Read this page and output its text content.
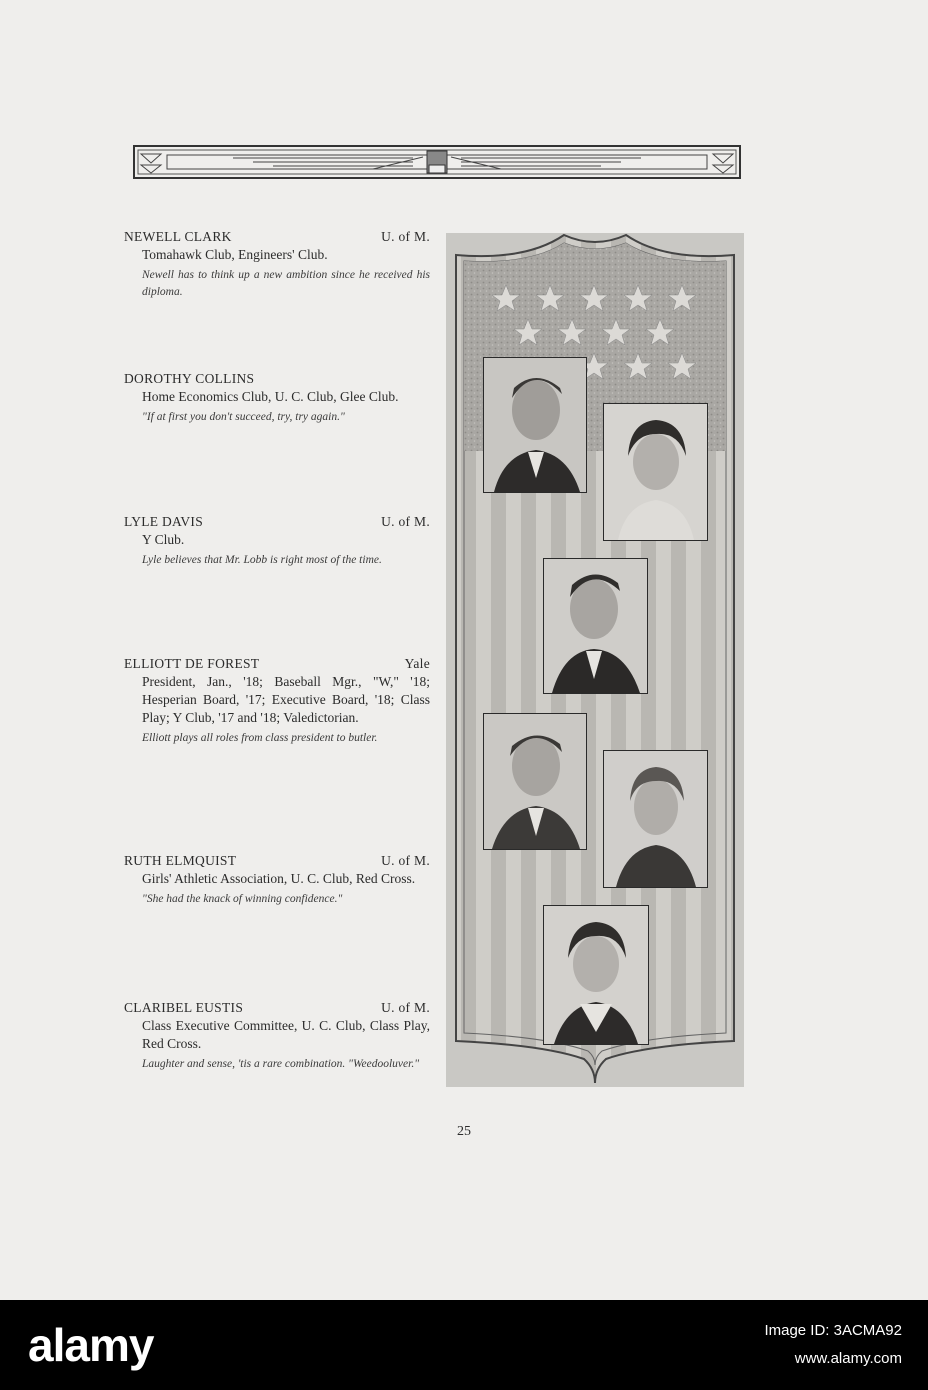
NEWELL CLARK	U. of M.
Tomahawk Club, Engineers' Club.
Newell has to think up a new ambition since he received his diploma.
DOROTHY COLLINS
Home Economics Club, U. C. Club, Glee Club.
"If at first you don't succeed, try, try again."
LYLE DAVIS	U. of M.
Y Club.
Lyle believes that Mr. Lobb is right most of the time.
ELLIOTT DE FOREST	Yale
President, Jan., '18; Baseball Mgr., "W," '18; Hesperian Board, '17; Executive Board, '18; Class Play; Y Club, '17 and '18; Valedictorian.
Elliott plays all roles from class president to butler.
RUTH ELMQUIST	U. of M.
Girls' Athletic Association, U. C. Club, Red Cross.
"She had the knack of winning confidence."
CLARIBEL EUSTIS	U. of M.
Class Executive Committee, U. C. Club, Class Play, Red Cross.
Laughter and sense, 'tis a rare combination. "Weedooluver."
25
alamy	Image ID: 3ACMA92
www.alamy.com
